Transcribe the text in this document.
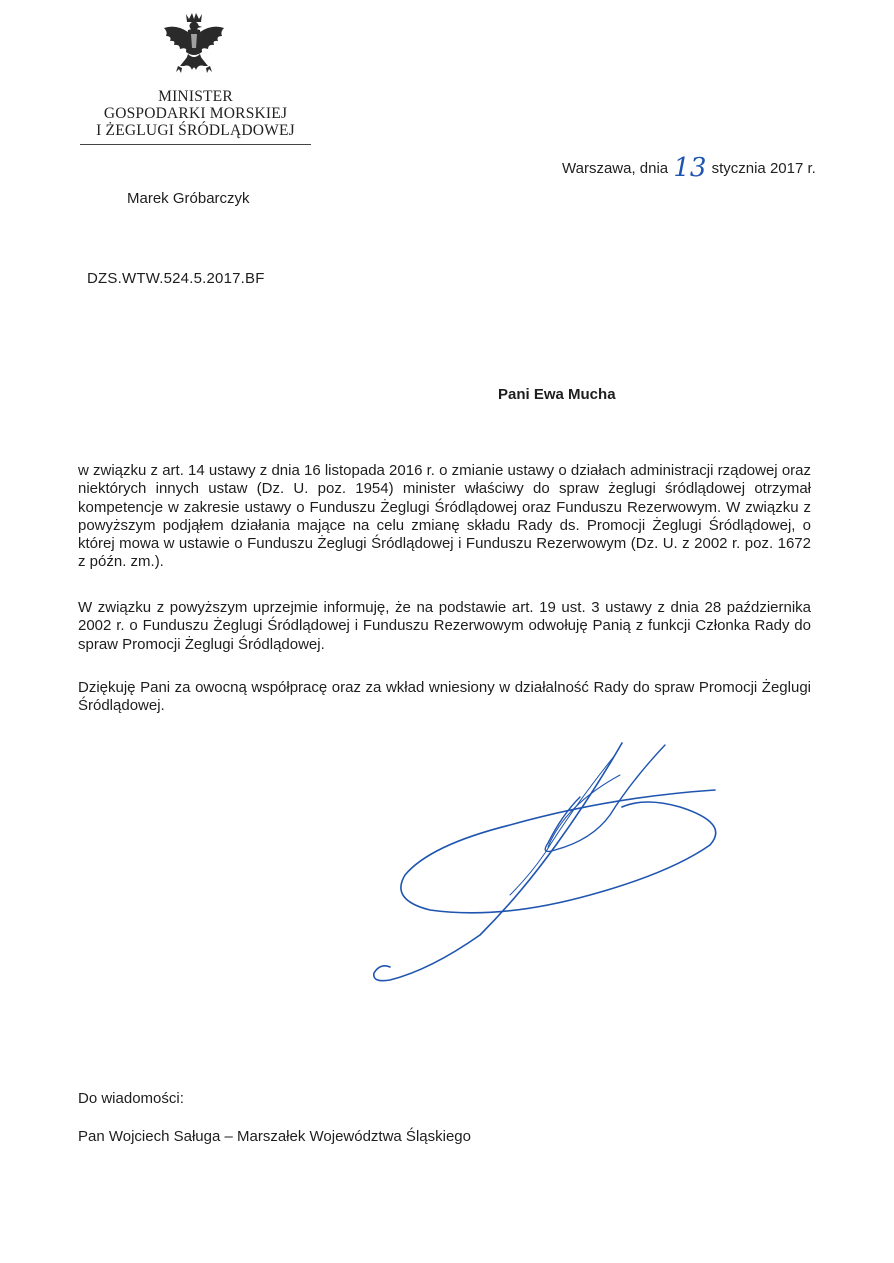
MINISTER
GOSPODARKI MORSKIEJ
I ŻEGLUGI ŚRÓDLĄDOWEJ
Warszawa, dnia 13 stycznia 2017 r.
Marek Gróbarczyk
DZS.WTW.524.5.2017.BF
Pani Ewa Mucha
w związku z art. 14 ustawy z dnia 16 listopada 2016 r. o zmianie ustawy o działach administracji rządowej oraz niektórych innych ustaw (Dz. U. poz. 1954) minister właściwy do spraw żeglugi śródlądowej otrzymał kompetencje w zakresie ustawy o Funduszu Żeglugi Śródlądowej oraz Funduszu Rezerwowym. W związku z powyższym podjąłem działania mające na celu zmianę składu Rady ds. Promocji Żeglugi Śródlądowej, o której mowa w ustawie o Funduszu Żeglugi Śródlądowej i Funduszu Rezerwowym (Dz. U. z 2002 r. poz. 1672 z późn. zm.).
W związku z powyższym uprzejmie informuję, że na podstawie art. 19 ust. 3 ustawy z dnia 28 października 2002 r. o Funduszu Żeglugi Śródlądowej i Funduszu Rezerwowym odwołuję Panią z funkcji Członka Rady do spraw Promocji Żeglugi Śródlądowej.
Dziękuję Pani za owocną współpracę oraz za wkład wniesiony w działalność Rady do spraw Promocji Żeglugi Śródlądowej.
Do wiadomości:
Pan Wojciech Saługa – Marszałek Województwa Śląskiego
